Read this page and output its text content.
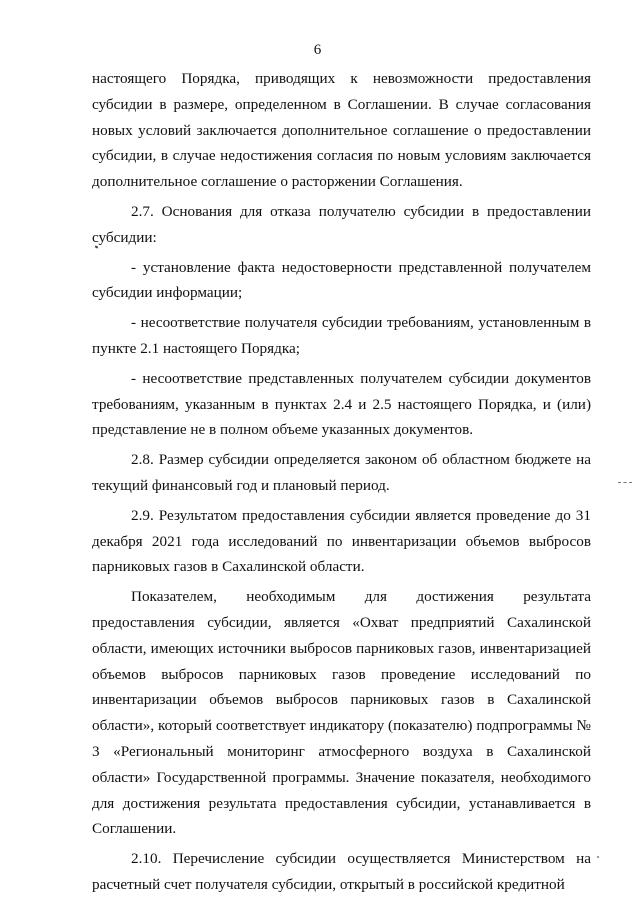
6

настоящего Порядка, приводящих к невозможности предоставления субсидии в размере, определенном в Соглашении. В случае согласования новых условий заключается дополнительное соглашение о предоставлении субсидии, в случае недостижения согласия по новым условиям заключается дополнительное соглашение о расторжении Соглашения.

2.7. Основания для отказа получателю субсидии в предоставлении субсидии:

- установление факта недостоверности представленной получателем субсидии информации;

- несоответствие получателя субсидии требованиям, установленным в пункте 2.1 настоящего Порядка;

- несоответствие представленных получателем субсидии документов требованиям, указанным в пунктах 2.4 и 2.5 настоящего Порядка, и (или) представление не в полном объеме указанных документов.

2.8. Размер субсидии определяется законом об областном бюджете на текущий финансовый год и плановый период.

2.9. Результатом предоставления субсидии является проведение до 31 декабря 2021 года исследований по инвентаризации объемов выбросов парниковых газов в Сахалинской области.

Показателем, необходимым для достижения результата предоставления субсидии, является «Охват предприятий Сахалинской области, имеющих источники выбросов парниковых газов, инвентаризацией объемов выбросов парниковых газов проведение исследований по инвентаризации объемов выбросов парниковых газов в Сахалинской области», который соответствует индикатору (показателю) подпрограммы № 3 «Региональный мониторинг атмосферного воздуха в Сахалинской области» Государственной программы. Значение показателя, необходимого для достижения результата предоставления субсидии, устанавливается в Соглашении.

2.10. Перечисление субсидии осуществляется Министерством на расчетный счет получателя субсидии, открытый в российской кредитной
